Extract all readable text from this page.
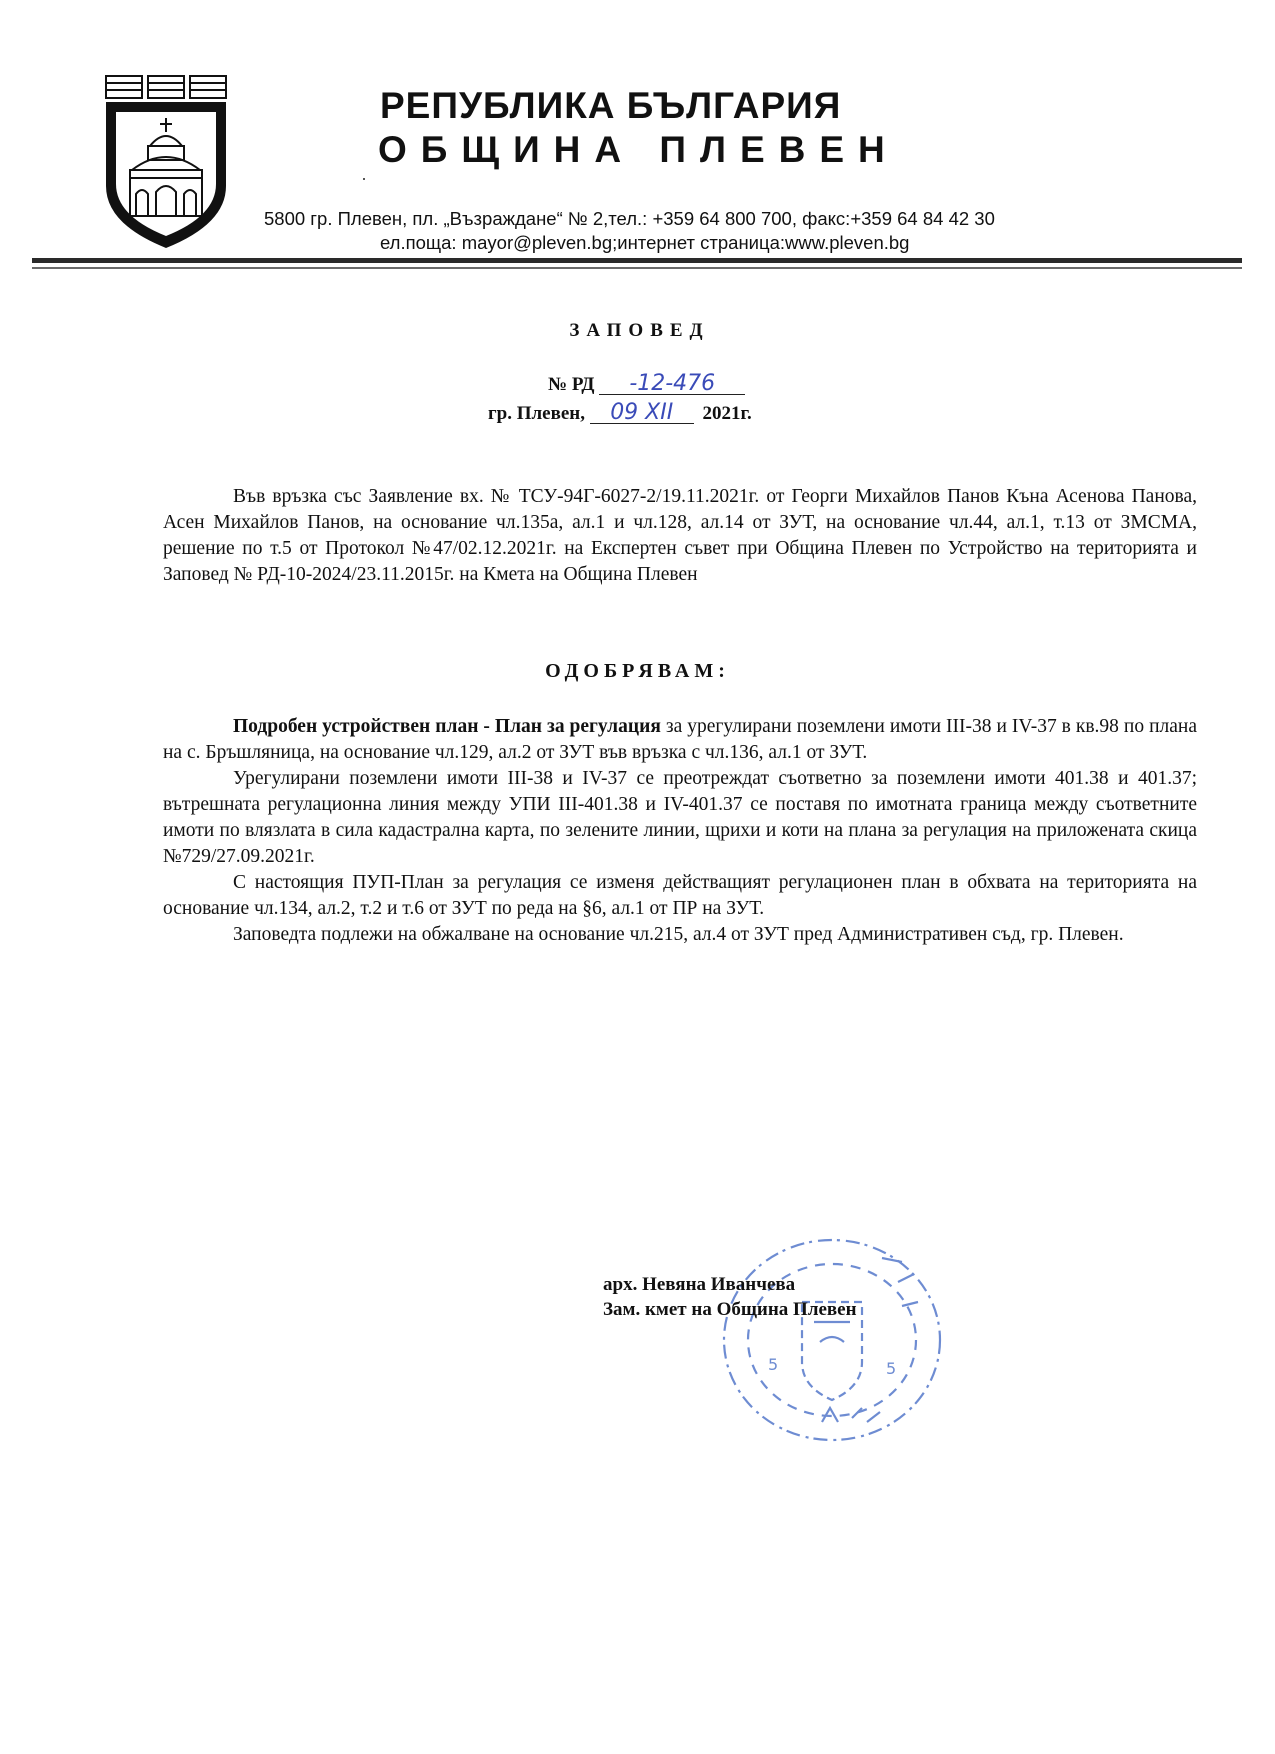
РЕПУБЛИКА БЪЛГАРИЯ
ОБЩИНА ПЛЕВЕН
5800 гр. Плевен, пл. „Възраждане“ № 2,тел.: +359 64 800 700, факс:+359 64 84 42 30
ел.поща: mayor@pleven.bg;интернет страница:www.pleven.bg
ЗАПОВЕД
№ РД -12-476
гр. Плевен, 09 XII 2021г.

Във връзка със Заявление вх. № ТСУ-94Г-6027-2/19.11.2021г. от Георги Михайлов Панов Къна Асенова Панова, Асен Михайлов Панов, на основание чл.135а, ал.1 и чл.128, ал.14 от ЗУТ, на основание чл.44, ал.1, т.13 от ЗМСМА, решение по т.5 от Протокол №47/02.12.2021г. на Експертен съвет при Община Плевен по Устройство на територията и Заповед № РД-10-2024/23.11.2015г. на Кмета на Община Плевен

ОДОБРЯВАМ:

Подробен устройствен план - План за регулация за урегулирани поземлени имоти III-38 и IV-37 в кв.98 по плана на с. Бръшляница, на основание чл.129, ал.2 от ЗУТ във връзка с чл.136, ал.1 от ЗУТ.

Урегулирани поземлени имоти III-38 и IV-37 се преотреждат съответно за поземлени имоти 401.38 и 401.37; вътрешната регулационна линия между УПИ III-401.38 и IV-401.37 се поставя по имотната граница между съответните имоти по влязлата в сила кадастрална карта, по зелените линии, щрихи и коти на плана за регулация на приложената скица №729/27.09.2021г.

С настоящия ПУП-План за регулация се изменя действащият регулационен план в обхвата на територията на основание чл.134, ал.2, т.2 и т.6 от ЗУТ по реда на §6, ал.1 от ПР на ЗУТ.

Заповедта подлежи на обжалване на основание чл.215, ал.4 от ЗУТ пред Административен съд, гр. Плевен.

5	5
арх. Невяна Иванчева
Зам. кмет на Община Плевен
